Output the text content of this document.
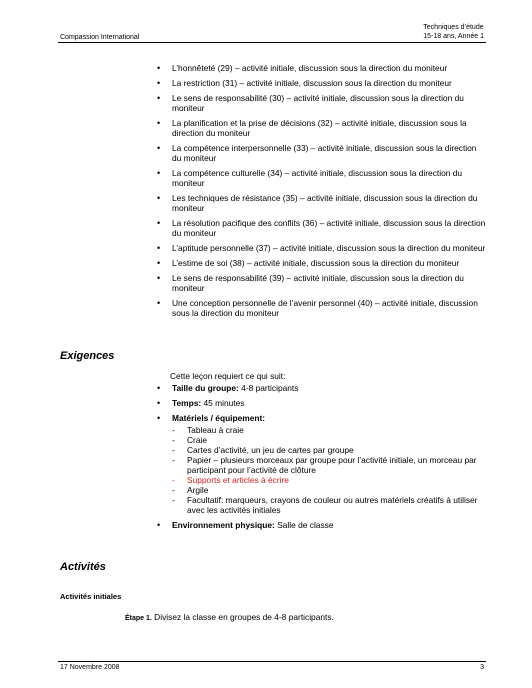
Compassion International
Techniques d’étude
15-18 ans, Année 1
• L’honnêteté (29) – activité initiale, discussion sous la direction du moniteur
• La restriction (31) – activité initiale, discussion sous la direction du moniteur
• Le sens de responsabilité (30) – activité initiale, discussion sous la direction du moniteur
• La planification et la prise de décisions (32) – activité initiale, discussion sous la direction du moniteur
• La compétence interpersonnelle (33) – activité initiale, discussion sous la direction du moniteur
• La compétence culturelle (34) – activité initiale, discussion sous la direction du moniteur
• Les techniques de résistance (35) – activité initiale, discussion sous la direction du moniteur
• La résolution pacifique des conflits (36) – activité initiale, discussion sous la direction du moniteur
• L’aptitude personnelle (37) – activité initiale, discussion sous la direction du moniteur
• L’estime de soi (38) – activité initiale, discussion sous la direction du moniteur
• Le sens de responsabilité (39) – activité initiale, discussion sous la direction du moniteur
• Une conception personnelle de l’avenir personnel (40) – activité initiale, discussion sous la direction du moniteur
Exigences
Cette leçon requiert ce qui suit:
• Taille du groupe: 4-8 participants
• Temps: 45 minutes
• Matériels / équipement:
- Tableau à craie
- Craie
- Cartes d’activité, un jeu de cartes par groupe
- Papier – plusieurs morceaux par groupe pour l’activité initiale, un morceau par participant pour l’activité de clôture
- Supports et articles à écrire
- Argile
- Facultatif: marqueurs, crayons de couleur ou autres matériels créatifs à utiliser avec les activités initiales
• Environnement physique: Salle de classe
Activités
Activités initiales
Étape 1. Divisez la classe en groupes de 4-8 participants.
17 Novembre 2008	3
